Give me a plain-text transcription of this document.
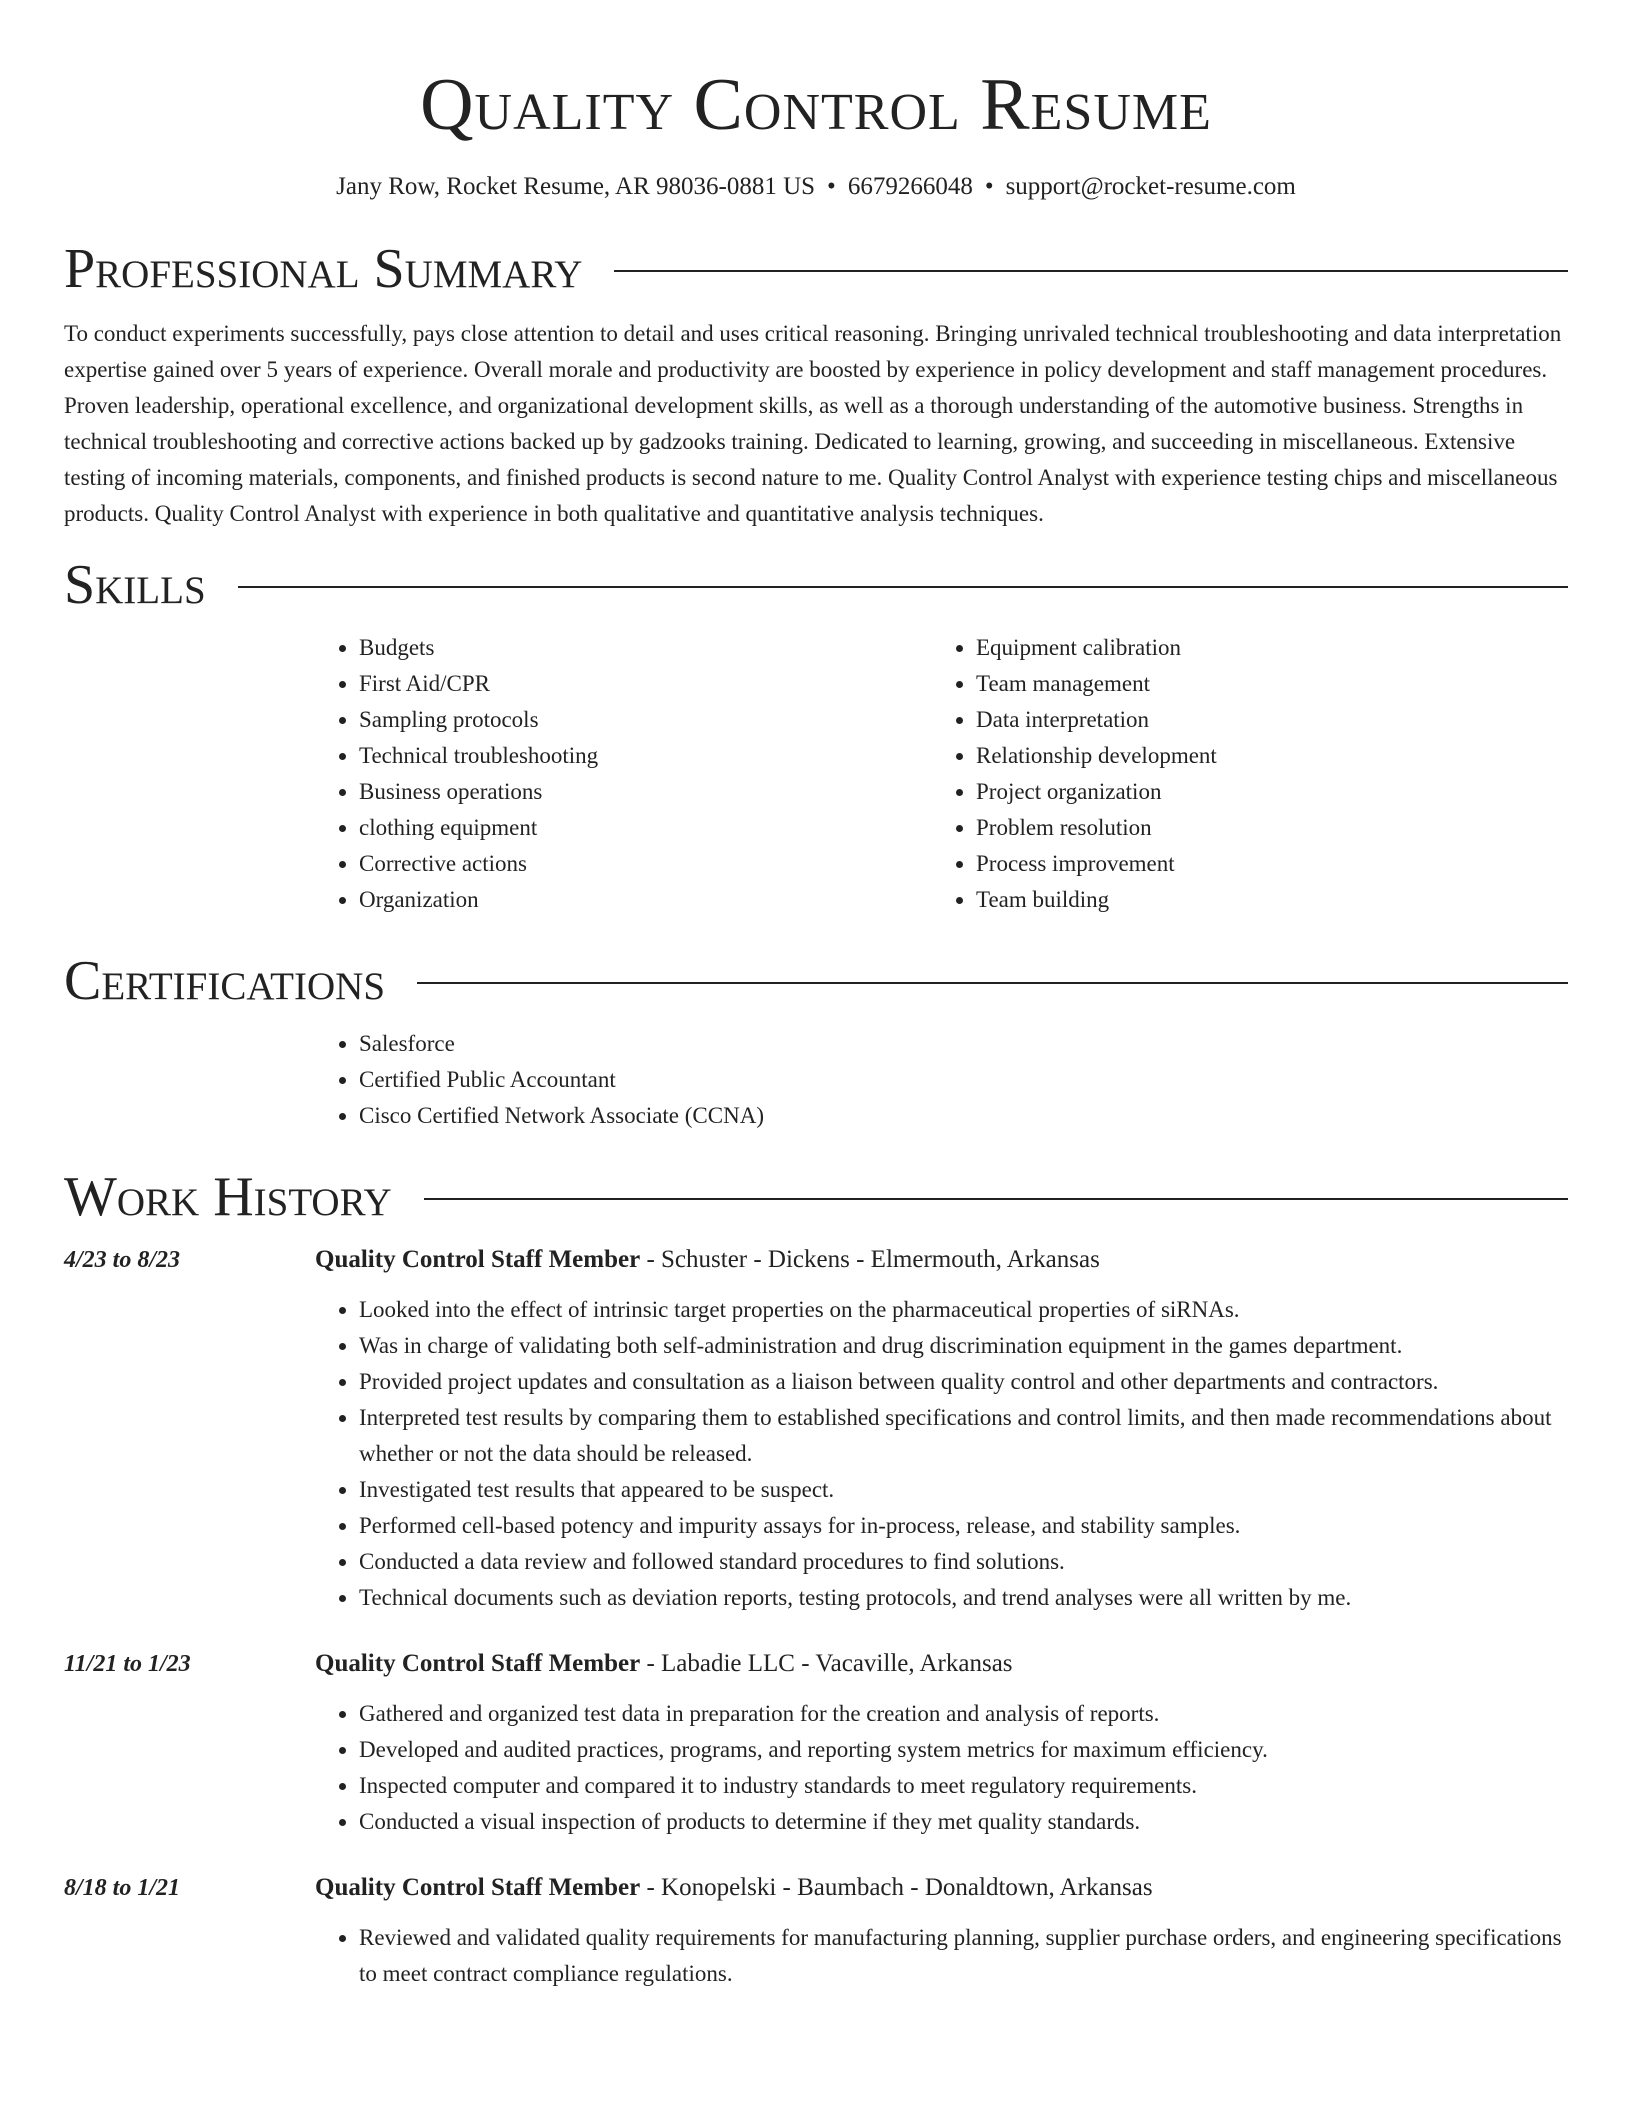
Quality Control Resume
Jany Row, Rocket Resume, AR 98036-0881 US • 6679266048 • support@rocket-resume.com
Professional Summary

To conduct experiments successfully, pays close attention to detail and uses critical reasoning. Bringing unrivaled technical troubleshooting and data interpretation expertise gained over 5 years of experience. Overall morale and productivity are boosted by experience in policy development and staff management procedures. Proven leadership, operational excellence, and organizational development skills, as well as a thorough understanding of the automotive business. Strengths in technical troubleshooting and corrective actions backed up by gadzooks training. Dedicated to learning, growing, and succeeding in miscellaneous. Extensive testing of incoming materials, components, and finished products is second nature to me. Quality Control Analyst with experience testing chips and miscellaneous products. Quality Control Analyst with experience in both qualitative and quantitative analysis techniques.

Skills
• Budgets
• First Aid/CPR
• Sampling protocols
• Technical troubleshooting
• Business operations
• clothing equipment
• Corrective actions
• Organization
• Equipment calibration
• Team management
• Data interpretation
• Relationship development
• Project organization
• Problem resolution
• Process improvement
• Team building
Certifications
• Salesforce
• Certified Public Accountant
• Cisco Certified Network Associate (CCNA)
Work History
4/23 to 8/23	Quality Control Staff Member - Schuster - Dickens - Elmermouth, Arkansas
• Looked into the effect of intrinsic target properties on the pharmaceutical properties of siRNAs.
• Was in charge of validating both self-administration and drug discrimination equipment in the games department.
• Provided project updates and consultation as a liaison between quality control and other departments and contractors.
• Interpreted test results by comparing them to established specifications and control limits, and then made recommendations about whether or not the data should be released.
• Investigated test results that appeared to be suspect.
• Performed cell-based potency and impurity assays for in-process, release, and stability samples.
• Conducted a data review and followed standard procedures to find solutions.
• Technical documents such as deviation reports, testing protocols, and trend analyses were all written by me.
11/21 to 1/23	Quality Control Staff Member - Labadie LLC - Vacaville, Arkansas
• Gathered and organized test data in preparation for the creation and analysis of reports.
• Developed and audited practices, programs, and reporting system metrics for maximum efficiency.
• Inspected computer and compared it to industry standards to meet regulatory requirements.
• Conducted a visual inspection of products to determine if they met quality standards.
8/18 to 1/21	Quality Control Staff Member - Konopelski - Baumbach - Donaldtown, Arkansas
• Reviewed and validated quality requirements for manufacturing planning, supplier purchase orders, and engineering specifications to meet contract compliance regulations.
